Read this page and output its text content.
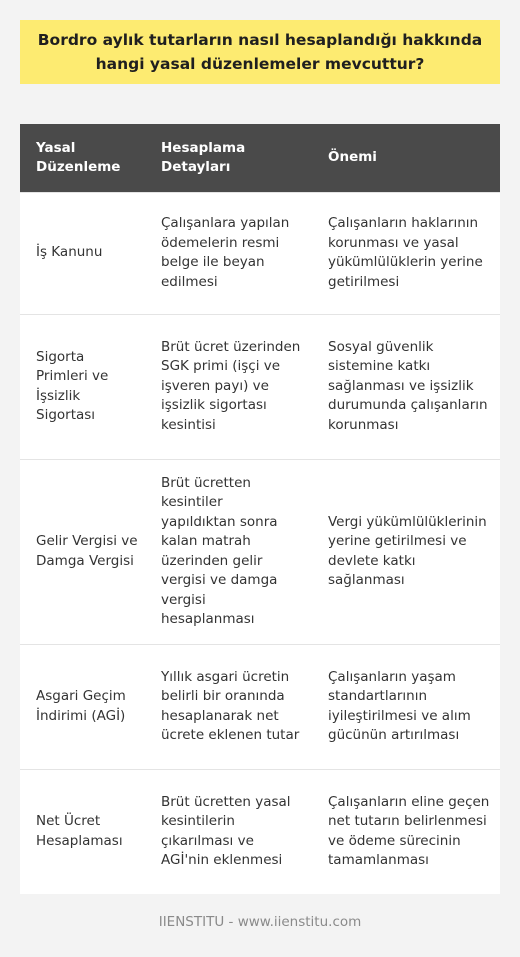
Bordro aylık tutarların nasıl hesaplandığı hakkında hangi yasal düzenlemeler mevcuttur?
Yasal Düzenleme	Hesaplama Detayları	Önemi
İş Kanunu	Çalışanlara yapılan ödemelerin resmi belge ile beyan edilmesi	Çalışanların haklarının korunması ve yasal yükümlülüklerin yerine getirilmesi
Sigorta Primleri ve İşsizlik Sigortası	Brüt ücret üzerinden SGK primi (işçi ve işveren payı) ve işsizlik sigortası kesintisi	Sosyal güvenlik sistemine katkı sağlanması ve işsizlik durumunda çalışanların korunması
Gelir Vergisi ve Damga Vergisi	Brüt ücretten kesintiler yapıldıktan sonra kalan matrah üzerinden gelir vergisi ve damga vergisi hesaplanması	Vergi yükümlülüklerinin yerine getirilmesi ve devlete katkı sağlanması
Asgari Geçim İndirimi (AGİ)	Yıllık asgari ücretin belirli bir oranında hesaplanarak net ücrete eklenen tutar	Çalışanların yaşam standartlarının iyileştirilmesi ve alım gücünün artırılması
Net Ücret Hesaplaması	Brüt ücretten yasal kesintilerin çıkarılması ve AGİ'nin eklenmesi	Çalışanların eline geçen net tutarın belirlenmesi ve ödeme sürecinin tamamlanması
IIENSTITU - www.iienstitu.com
